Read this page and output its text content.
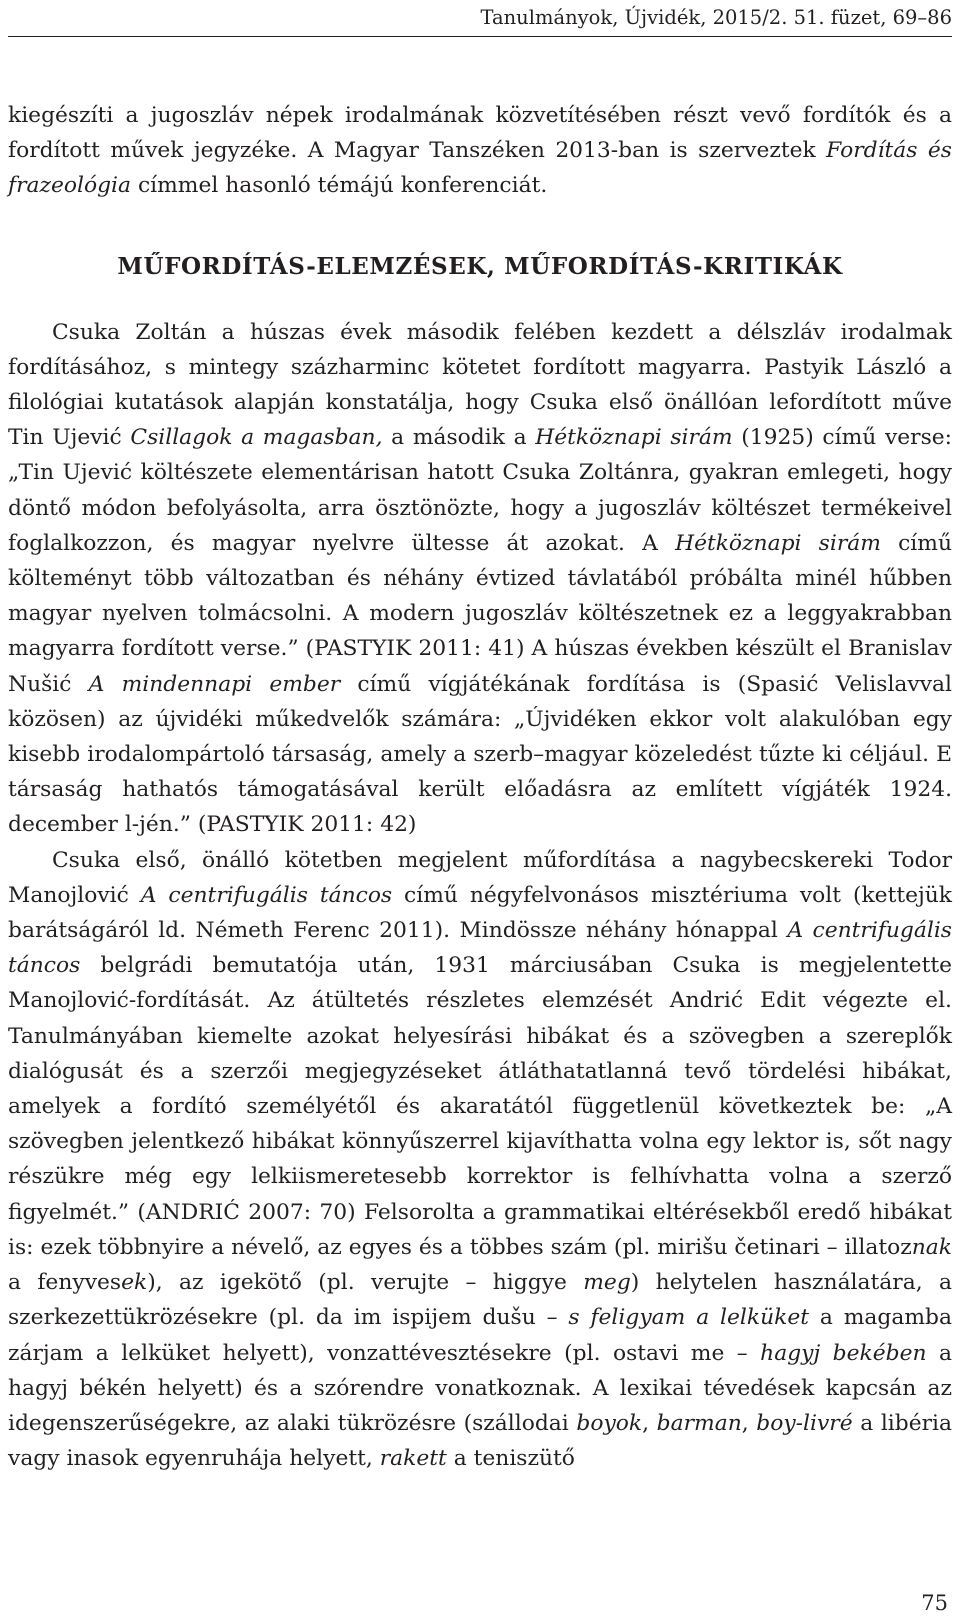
Tanulmányok, Újvidék, 2015/2. 51. füzet, 69–86

kiegészíti a jugoszláv népek irodalmának közvetítésében részt vevő fordítók és a fordított művek jegyzéke. A Magyar Tanszéken 2013-ban is szerveztek Fordítás és frazeológia címmel hasonló témájú konferenciát.

MŰFORDÍTÁS-ELEMZÉSEK, MŰFORDÍTÁS-KRITIKÁK

Csuka Zoltán a húszas évek második felében kezdett a délszláv irodalmak fordításához, s mintegy százharminc kötetet fordított magyarra. Pastyik László a filológiai kutatások alapján konstatálja, hogy Csuka első önállóan lefordított műve Tin Ujević Csillagok a magasban, a második a Hétköznapi sirám (1925) című verse: „Tin Ujević költészete elementárisan hatott Csuka Zoltánra, gyakran emlegeti, hogy döntő módon befolyásolta, arra ösztönözte, hogy a jugoszláv költészet termékeivel foglalkozzon, és magyar nyelvre ültesse át azokat. A Hétköznapi sirám című költeményt több változatban és néhány évtized távlatából próbálta minél hűbben magyar nyelven tolmácsolni. A modern jugoszláv költészetnek ez a leggyakrabban magyarra fordított verse.” (PASTYIK 2011: 41) A húszas években készült el Branislav Nušić A mindennapi ember című vígjátékának fordítása is (Spasić Velislavval közösen) az újvidéki műkedvelők számára: „Újvidéken ekkor volt alakulóban egy kisebb irodalompártoló társaság, amely a szerb–magyar közeledést tűzte ki céljául. E társaság hathatós támogatásával került előadásra az említett vígjáték 1924. december l-jén.” (PASTYIK 2011: 42)

Csuka első, önálló kötetben megjelent műfordítása a nagybecskereki Todor Manojlović A centrifugális táncos című négyfelvonásos misztériuma volt (kettejük barátságáról ld. Németh Ferenc 2011). Mindössze néhány hónappal A centrifugális táncos belgrádi bemutatója után, 1931 márciusában Csuka is megjelentette Manojlović-fordítását. Az átültetés részletes elemzését Andrić Edit végezte el. Tanulmányában kiemelte azokat helyesírási hibákat és a szövegben a szereplők dialógusát és a szerzői megjegyzéseket átláthatatlanná tevő tördelési hibákat, amelyek a fordító személyétől és akaratától függetlenül következtek be: „A szövegben jelentkező hibákat könnyűszerrel kijavíthatta volna egy lektor is, sőt nagy részükre még egy lelkiismeretesebb korrektor is felhívhatta volna a szerző figyelmét.” (ANDRIĆ 2007: 70) Felsorolta a grammatikai eltérésekből eredő hibákat is: ezek többnyire a névelő, az egyes és a többes szám (pl. mirišu četinari – illatoznak a fenyvesek), az igekötő (pl. verujte – higgye meg) helytelen használatára, a szerkezettükrözésekre (pl. da im ispijem dušu – s feligyam a lelküket a magamba zárjam a lelküket helyett), vonzattévesztésekre (pl. ostavi me – hagyj bekében a hagyj békén helyett) és a szórendre vonatkoznak. A lexikai tévedések kapcsán az idegenszerűségekre, az alaki tükrözésre (szállodai boyok, barman, boy-livré a libéria vagy inasok egyenruhája helyett, rakett a teniszütő

75
